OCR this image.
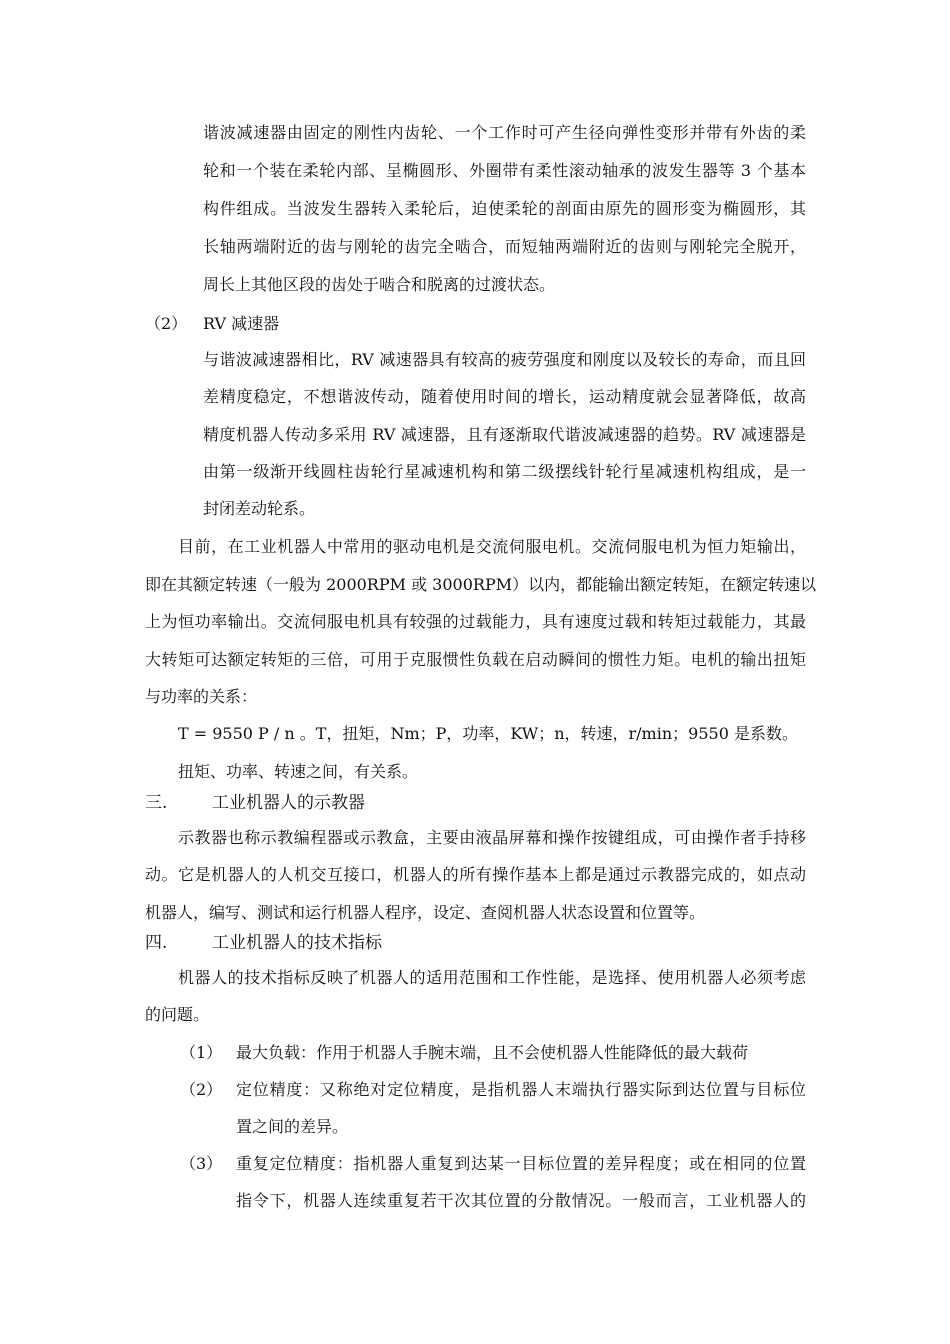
谐波减速器由固定的刚性内齿轮、一个工作时可产生径向弹性变形并带有外齿的柔
轮和一个装在柔轮内部、呈椭圆形、外圈带有柔性滚动轴承的波发生器等 3 个基本
构件组成。当波发生器转入柔轮后，迫使柔轮的剖面由原先的圆形变为椭圆形，其
长轴两端附近的齿与刚轮的齿完全啮合，而短轴两端附近的齿则与刚轮完全脱开，
周长上其他区段的齿处于啮合和脱离的过渡状态。
（2） RV 减速器
与谐波减速器相比，RV 减速器具有较高的疲劳强度和刚度以及较长的寿命，而且回
差精度稳定，不想谐波传动，随着使用时间的增长，运动精度就会显著降低，故高
精度机器人传动多采用 RV 减速器，且有逐渐取代谐波减速器的趋势。RV 减速器是
由第一级渐开线圆柱齿轮行星减速机构和第二级摆线针轮行星减速机构组成，是一
封闭差动轮系。
目前，在工业机器人中常用的驱动电机是交流伺服电机。交流伺服电机为恒力矩输出，
即在其额定转速（一般为 2000RPM 或 3000RPM）以内，都能输出额定转矩，在额定转速以
上为恒功率输出。交流伺服电机具有较强的过载能力，具有速度过载和转矩过载能力，其最
大转矩可达额定转矩的三倍，可用于克服惯性负载在启动瞬间的惯性力矩。电机的输出扭矩
与功率的关系：
T = 9550 P / n 。T，扭矩，Nm；P，功率，KW；n，转速，r/min；9550 是系数。
扭矩、功率、转速之间，有关系。
三.	工业机器人的示教器
示教器也称示教编程器或示教盒，主要由液晶屏幕和操作按键组成，可由操作者手持移
动。它是机器人的人机交互接口，机器人的所有操作基本上都是通过示教器完成的，如点动
机器人，编写、测试和运行机器人程序，设定、查阅机器人状态设置和位置等。
四.	工业机器人的技术指标
机器人的技术指标反映了机器人的适用范围和工作性能，是选择、使用机器人必须考虑
的问题。
（1） 最大负载：作用于机器人手腕末端，且不会使机器人性能降低的最大载荷
（2） 定位精度：又称绝对定位精度，是指机器人末端执行器实际到达位置与目标位
置之间的差异。
（3） 重复定位精度：指机器人重复到达某一目标位置的差异程度；或在相同的位置
指令下，机器人连续重复若干次其位置的分散情况。一般而言，工业机器人的
